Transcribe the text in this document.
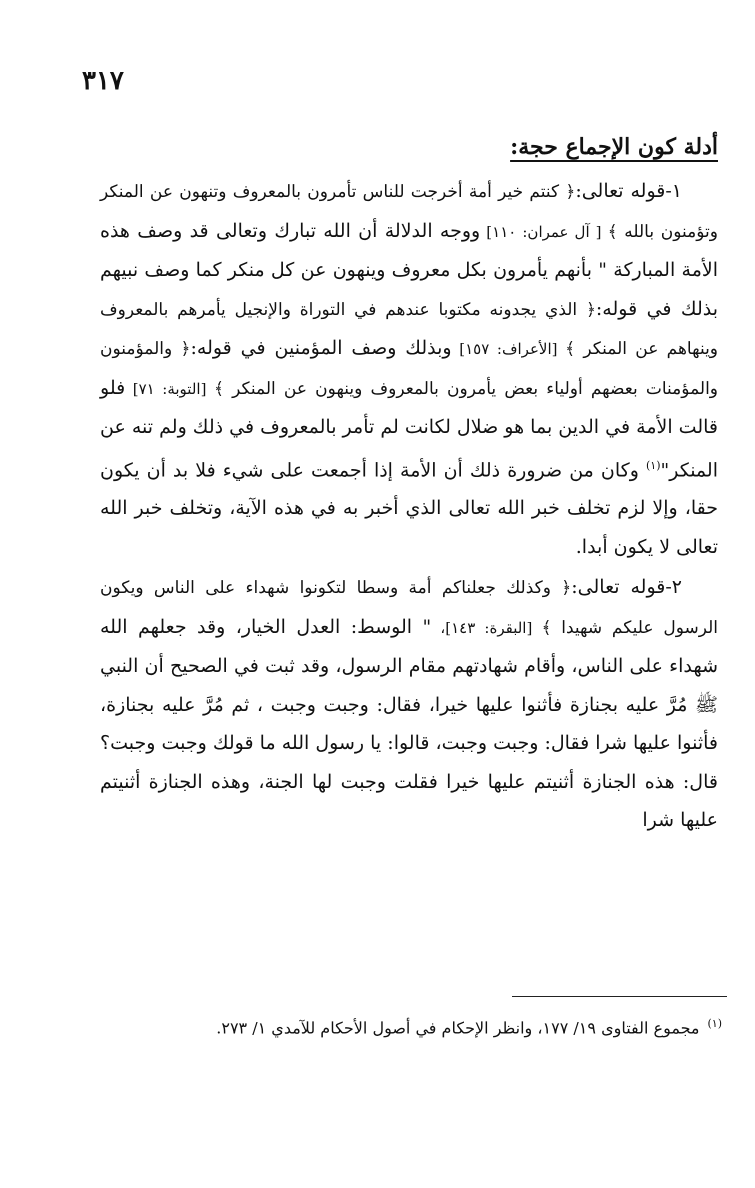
٣١٧
أدلة كون الإجماع حجة:

١-قوله تعالى:﴿ كنتم خير أمة أخرجت للناس تأمرون بالمعروف وتنهون عن المنكر وتؤمنون بالله ﴾ [ آل عمران: ١١٠] ووجه الدلالة أن الله تبارك وتعالى قد وصف هذه الأمة المباركة " بأنهم يأمرون بكل معروف وينهون عن كل منكر كما وصف نبيهم بذلك في قوله:﴿ الذي يجدونه مكتوبا عندهم في التوراة والإنجيل يأمرهم بالمعروف وينهاهم عن المنكر ﴾ [الأعراف: ١٥٧] وبذلك وصف المؤمنين في قوله:﴿ والمؤمنون والمؤمنات بعضهم أولياء بعض يأمرون بالمعروف وينهون عن المنكر ﴾ [التوبة: ٧١] فلو قالت الأمة في الدين بما هو ضلال لكانت لم تأمر بالمعروف في ذلك ولم تنه عن المنكر"$^{(١)}$ وكان من ضرورة ذلك أن الأمة إذا أجمعت على شيء فلا بد أن يكون حقا، وإلا لزم تخلف خبر الله تعالى الذي أخبر به في هذه الآية، وتخلف خبر الله تعالى لا يكون أبدا.

٢-قوله تعالى:﴿ وكذلك جعلناكم أمة وسطا لتكونوا شهداء على الناس ويكون الرسول عليكم شهيدا ﴾ [البقرة: ١٤٣]، " الوسط: العدل الخيار، وقد جعلهم الله شهداء على الناس، وأقام شهادتهم مقام الرسول، وقد ثبت في الصحيح أن النبي ﷺ مُرَّ عليه بجنازة فأثنوا عليها خيرا، فقال: وجبت وجبت ، ثم مُرَّ عليه بجنازة، فأثنوا عليها شرا فقال: وجبت وجبت، قالوا: يا رسول الله ما قولك وجبت وجبت؟ قال: هذه الجنازة أثنيتم عليها خيرا فقلت وجبت لها الجنة، وهذه الجنازة أثنيتم عليها شرا

$^{(١)}$مجموع الفتاوى ١٩/ ١٧٧، وانظر الإحكام في أصول الأحكام للآمدي ١/ ٢٧٣.
